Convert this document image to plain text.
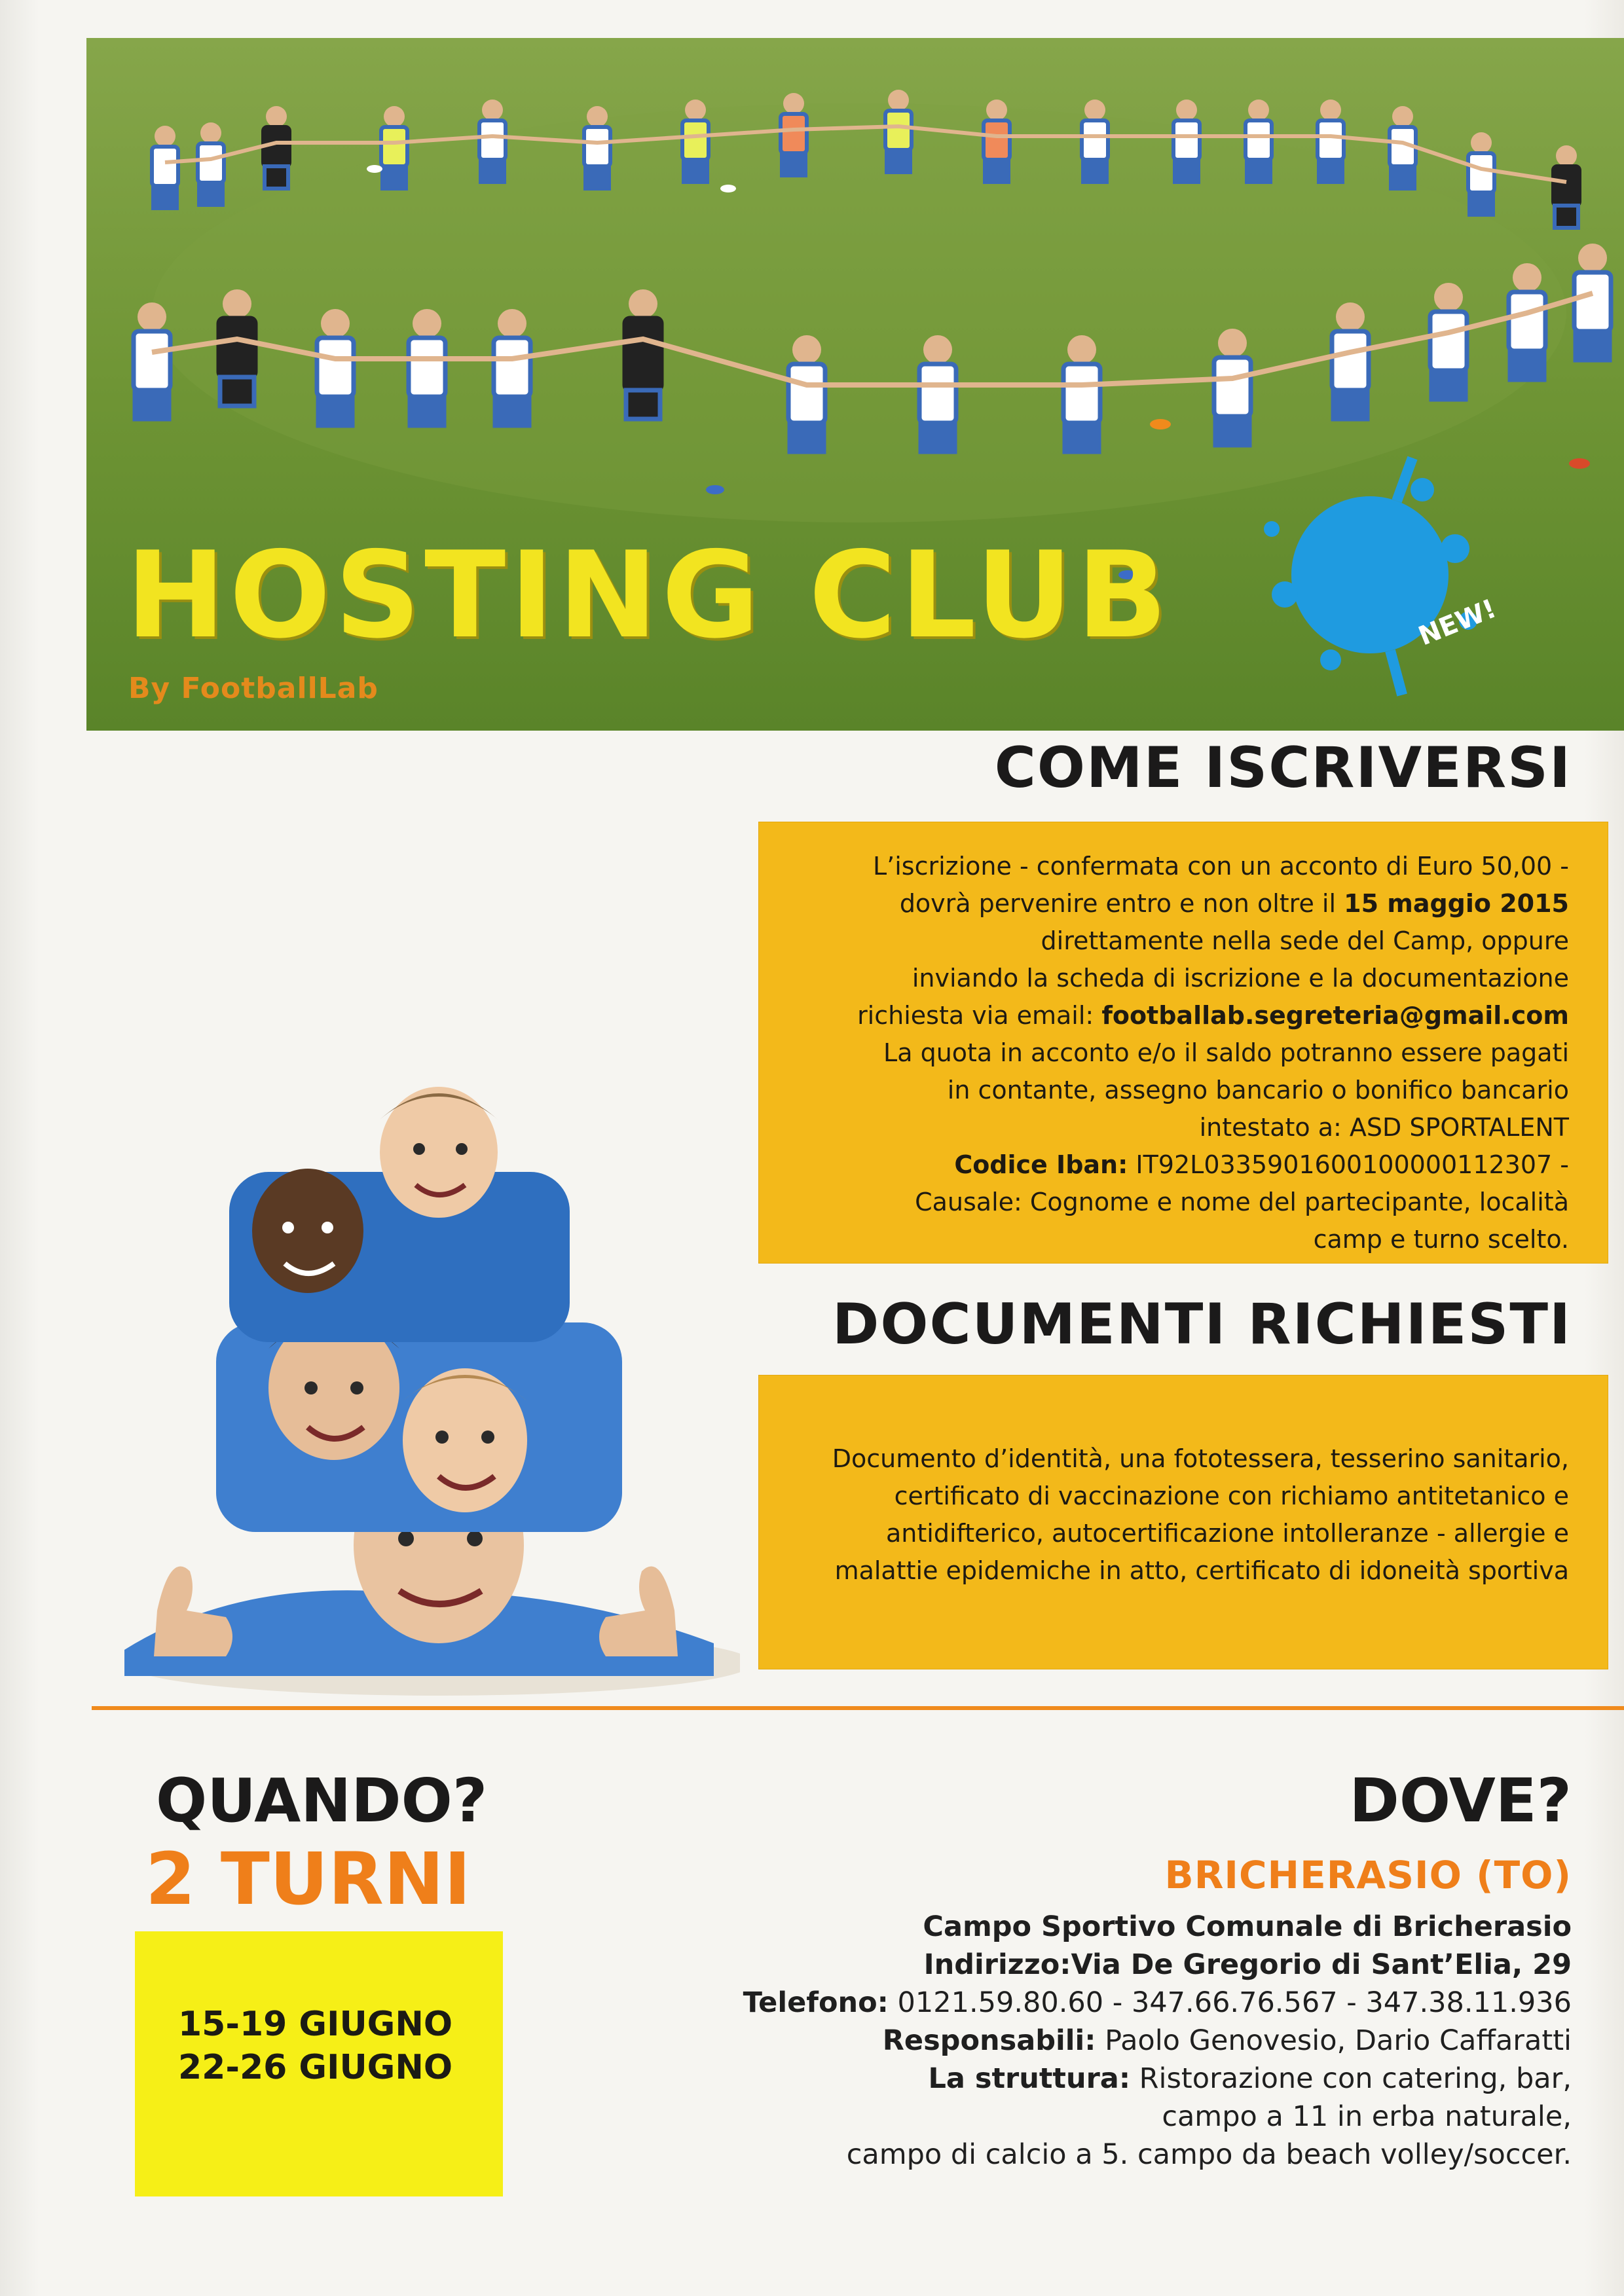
HOSTING CLUB
By FootballLab
NEW!
COME ISCRIVERSI
L’iscrizione - confermata con un acconto di Euro 50,00 -
dovrà pervenire entro e non oltre il 15 maggio 2015
direttamente nella sede del Camp, oppure
inviando la scheda di iscrizione e la documentazione
richiesta via email: footballab.segreteria@gmail.com
La quota in acconto e/o il saldo potranno essere pagati
in contante, assegno bancario o bonifico bancario
intestato a: ASD SPORTALENT
Codice Iban: IT92L0335901600100000112307 -
Causale: Cognome e nome del partecipante, località
camp e turno scelto.
DOCUMENTI RICHIESTI
Documento d’identità, una fototessera, tesserino sanitario,
certificato di vaccinazione con richiamo antitetanico e
antidifterico, autocertificazione intolleranze - allergie e
malattie epidemiche in atto, certificato di idoneità sportiva
QUANDO?
2 TURNI
15-19 GIUGNO
22-26 GIUGNO
DOVE?
BRICHERASIO (TO)
Campo Sportivo Comunale di Bricherasio
Indirizzo:Via De Gregorio di Sant’Elia, 29
Telefono: 0121.59.80.60 - 347.66.76.567 - 347.38.11.936
Responsabili: Paolo Genovesio, Dario Caffaratti
La struttura: Ristorazione con catering, bar,
campo a 11 in erba naturale,
campo di calcio a 5. campo da beach volley/soccer.
